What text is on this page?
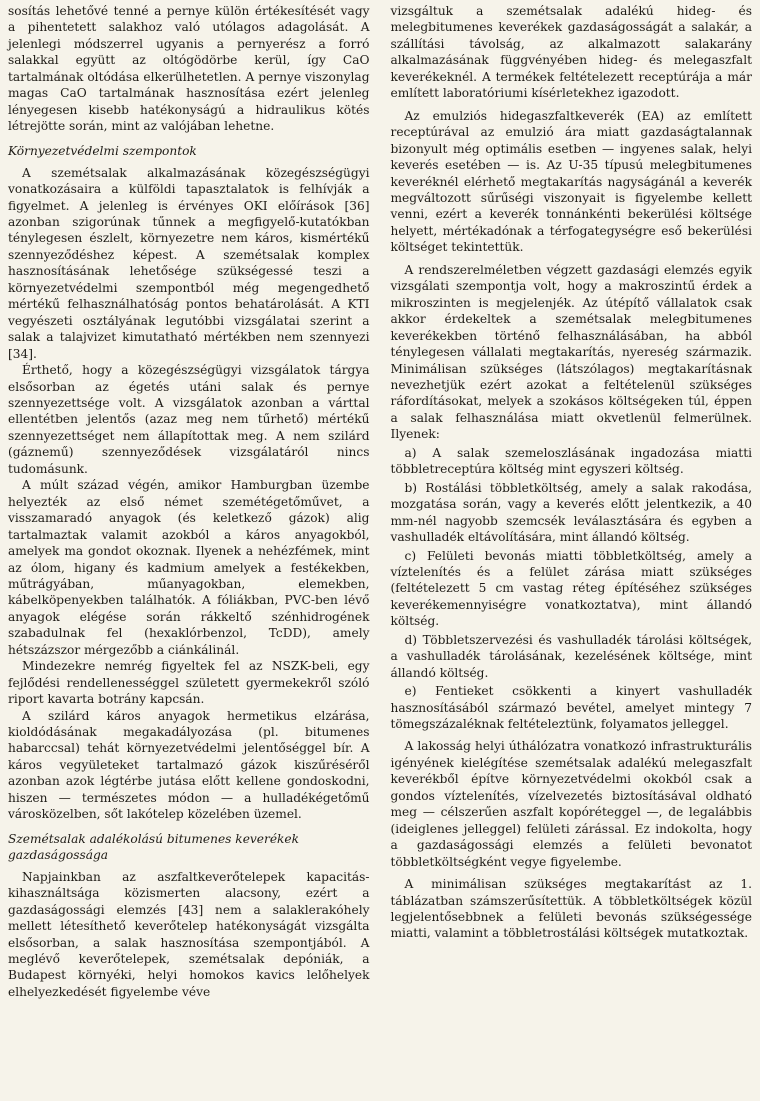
sosítás lehetővé tenné a pernye külön értékesítését vagy a pihentetett salakhoz való utólagos adagolását. A jelenlegi módszerrel ugyanis a pernyerész a forró salakkal együtt az oltógödörbe kerül, így CaO tartalmának oltódása elkerülhetetlen. A pernye viszonylag magas CaO tartalmának hasznosítása ezért jelenleg lényegesen kisebb hatékonyságú a hidraulikus kötés létrejötte során, mint az valójában lehetne.

Környezetvédelmi szempontok

A szemétsalak alkalmazásának közegészségügyi vonatkozásaira a külföldi tapasztalatok is felhívják a figyelmet. A jelenleg is érvényes OKI előírások [36] azonban szigorúnak tűnnek a megfigyelő-kutatókban ténylegesen észlelt, környezetre nem káros, kismértékű szennyeződéshez képest. A szemétsalak komplex hasznosításának lehetősége szükségessé teszi a környezetvédelmi szempontból még megengedhető mértékű felhasználhatóság pontos behatárolását. A KTI vegyészeti osztályának legutóbbi vizsgálatai szerint a salak a talajvizet kimutatható mértékben nem szennyezi [34].

Érthető, hogy a közegészségügyi vizsgálatok tárgya elsősorban az égetés utáni salak és pernye szennyezettsége volt. A vizsgálatok azonban a várttal ellentétben jelentős (azaz meg nem tűrhető) mértékű szennyezettséget nem állapítottak meg. A nem szilárd (gáznemű) szennyeződések vizsgálatáról nincs tudomásunk.

A múlt század végén, amikor Hamburgban üzembe helyezték az első német szemétégetőművet, a visszamaradó anyagok (és keletkező gázok) alig tartalmaztak valamit azokból a káros anyagokból, amelyek ma gondot okoznak. Ilyenek a nehézfémek, mint az ólom, higany és kadmium amelyek a festékekben, műtrágyában, műanyagokban, elemekben, kábelköpenyekben találhatók. A fóliákban, PVC-ben lévő anyagok elégése során rákkeltő szénhidrogének szabadulnak fel (hexaklórbenzol, TcDD), amely hétszázszor mérgezőbb a ciánkálinál.

Mindezekre nemrég figyeltek fel az NSZK-beli, egy fejlődési rendellenességgel született gyermekekről szóló riport kavarta botrány kapcsán.

A szilárd káros anyagok hermetikus elzárása, kioldódásának megakadályozása (pl. bitumenes habarccsal) tehát környezetvédelmi jelentőséggel bír. A káros vegyületeket tartalmazó gázok kiszűréséről azonban azok légtérbe jutása előtt kellene gondoskodni, hiszen — természetes módon — a hulladékégetőmű városközelben, sőt lakótelep közelében üzemel.

Szemétsalak adalékolású bitumenes keverékek gazdaságossága

Napjainkban az aszfaltkeverőtelepek kapacitás-kihasználtsága közismerten alacsony, ezért a gazdaságossági elemzés [43] nem a salaklerakóhely mellett létesíthető keverőtelep hatékonyságát vizsgálta elsősorban, a salak hasznosítása szempontjából. A meglévő keverőtelepek, szemétsalak depóniák, a Budapest környéki, helyi homokos kavics lelőhelyek elhelyezkedését figyelembe véve

vizsgáltuk a szemétsalak adalékú hideg- és melegbitumenes keverékek gazdaságosságát a salakár, a szállítási távolság, az alkalmazott salakarány alkalmazásának függvényében hideg- és melegaszfalt keverékeknél. A termékek feltételezett receptúrája a már említett laboratóriumi kísérletekhez igazodott.

Az emulziós hidegaszfaltkeverék (EA) az említett receptúrával az emulzió ára miatt gazdaságtalannak bizonyult még optimális esetben — ingyenes salak, helyi keverés esetében — is. Az U-35 típusú melegbitumenes keveréknél elérhető megtakarítás nagyságánál a keverék megváltozott sűrűségi viszonyait is figyelembe kellett venni, ezért a keverék tonnánkénti bekerülési költsége helyett, mértékadónak a térfogategységre eső bekerülési költséget tekintettük.

A rendszerelméletben végzett gazdasági elemzés egyik vizsgálati szempontja volt, hogy a makroszintű érdek a mikroszinten is megjelenjék. Az útépítő vállalatok csak akkor érdekeltek a szemétsalak melegbitumenes keverékekben történő felhasználásában, ha abból ténylegesen vállalati megtakarítás, nyereség származik. Minimálisan szükséges (látszólagos) megtakarításnak nevezhetjük ezért azokat a feltételenül szükséges ráfordításokat, melyek a szokásos költségeken túl, éppen a salak felhasználása miatt okvetlenül felmerülnek. Ilyenek:

a) A salak szemeloszlásának ingadozása miatti többletreceptúra költség mint egyszeri költség.

b) Rostálási többletköltség, amely a salak rakodása, mozgatása során, vagy a keverés előtt jelentkezik, a 40 mm-nél nagyobb szemcsék leválasztására és egyben a vashulladék eltávolítására, mint állandó költség.

c) Felületi bevonás miatti többletköltség, amely a víztelenítés és a felület zárása miatt szükséges (feltételezett 5 cm vastag réteg építéséhez szükséges keverékemennyiségre vonatkoztatva), mint állandó költség.

d) Többletszervezési és vashulladék tárolási költségek, a vashulladék tárolásának, kezelésének költsége, mint állandó költség.

e) Fentieket csökkenti a kinyert vashulladék hasznosításából származó bevétel, amelyet mintegy 7 tömegszázaléknak feltételeztünk, folyamatos jelleggel.

A lakosság helyi úthálózatra vonatkozó infrastrukturális igényének kielégítése szemétsalak adalékú melegaszfalt keverékből építve környezetvédelmi okokból csak a gondos víztelenítés, vízelvezetés biztosításával oldható meg — célszerűen aszfalt kopóréteggel —, de legalábbis (ideiglenes jelleggel) felületi zárással. Ez indokolta, hogy a gazdaságossági elemzés a felületi bevonatot többletköltségként vegye figyelembe.

A minimálisan szükséges megtakarítást az 1. táblázatban számszerűsítettük. A többletköltségek közül legjelentősebbnek a felületi bevonás szükségessége miatti, valamint a többletrostálási költségek mutatkoztak.
